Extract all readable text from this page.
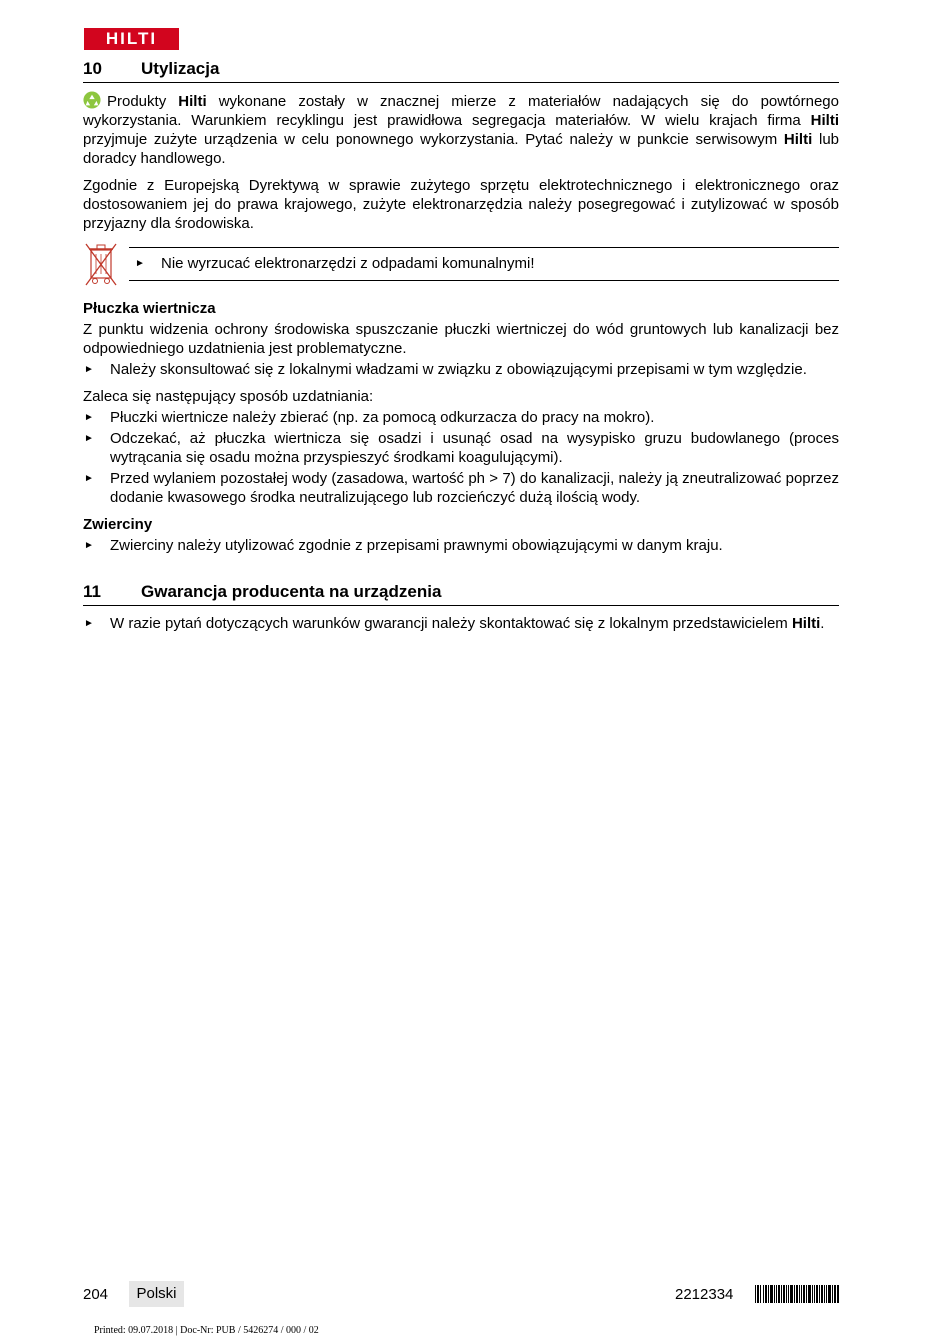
HILTI
10	Utylizacja

Produkty Hilti wykonane zostały w znacznej mierze z materiałów nadających się do powtórnego wykorzystania. Warunkiem recyklingu jest prawidłowa segregacja materiałów. W wielu krajach firma Hilti przyjmuje zużyte urządzenia w celu ponownego wykorzystania. Pytać należy w punkcie serwisowym Hilti lub doradcy handlowego.

Zgodnie z Europejską Dyrektywą w sprawie zużytego sprzętu elektrotechnicznego i elektronicznego oraz dostosowaniem jej do prawa krajowego, zużyte elektronarzędzia należy posegregować i zutylizować w sposób przyjazny dla środowiska.

►	Nie wyrzucać elektronarzędzi z odpadami komunalnymi!
Płuczka wiertnicza

Z punktu widzenia ochrony środowiska spuszczanie płuczki wiertniczej do wód gruntowych lub kanalizacji bez odpowiedniego uzdatnienia jest problematyczne.

►	Należy skonsultować się z lokalnymi władzami w związku z obowiązującymi przepisami w tym względzie.

Zaleca się następujący sposób uzdatniania:

►	Płuczki wiertnicze należy zbierać (np. za pomocą odkurzacza do pracy na mokro).
►	Odczekać, aż płuczka wiertnicza się osadzi i usunąć osad na wysypisko gruzu budowlanego (proces wytrącania się osadu można przyspieszyć środkami koagulującymi).
►	Przed wylaniem pozostałej wody (zasadowa, wartość ph > 7) do kanalizacji, należy ją zneutralizować poprzez dodanie kwasowego środka neutralizującego lub rozcieńczyć dużą ilością wody.
Zwierciny
►	Zwierciny należy utylizować zgodnie z przepisami prawnymi obowiązującymi w danym kraju.
11	Gwarancja producenta na urządzenia
►	W razie pytań dotyczących warunków gwarancji należy skontaktować się z lokalnym przedstawicielem Hilti.
204	Polski	2212334
Printed: 09.07.2018 | Doc-Nr: PUB / 5426274 / 000 / 02
